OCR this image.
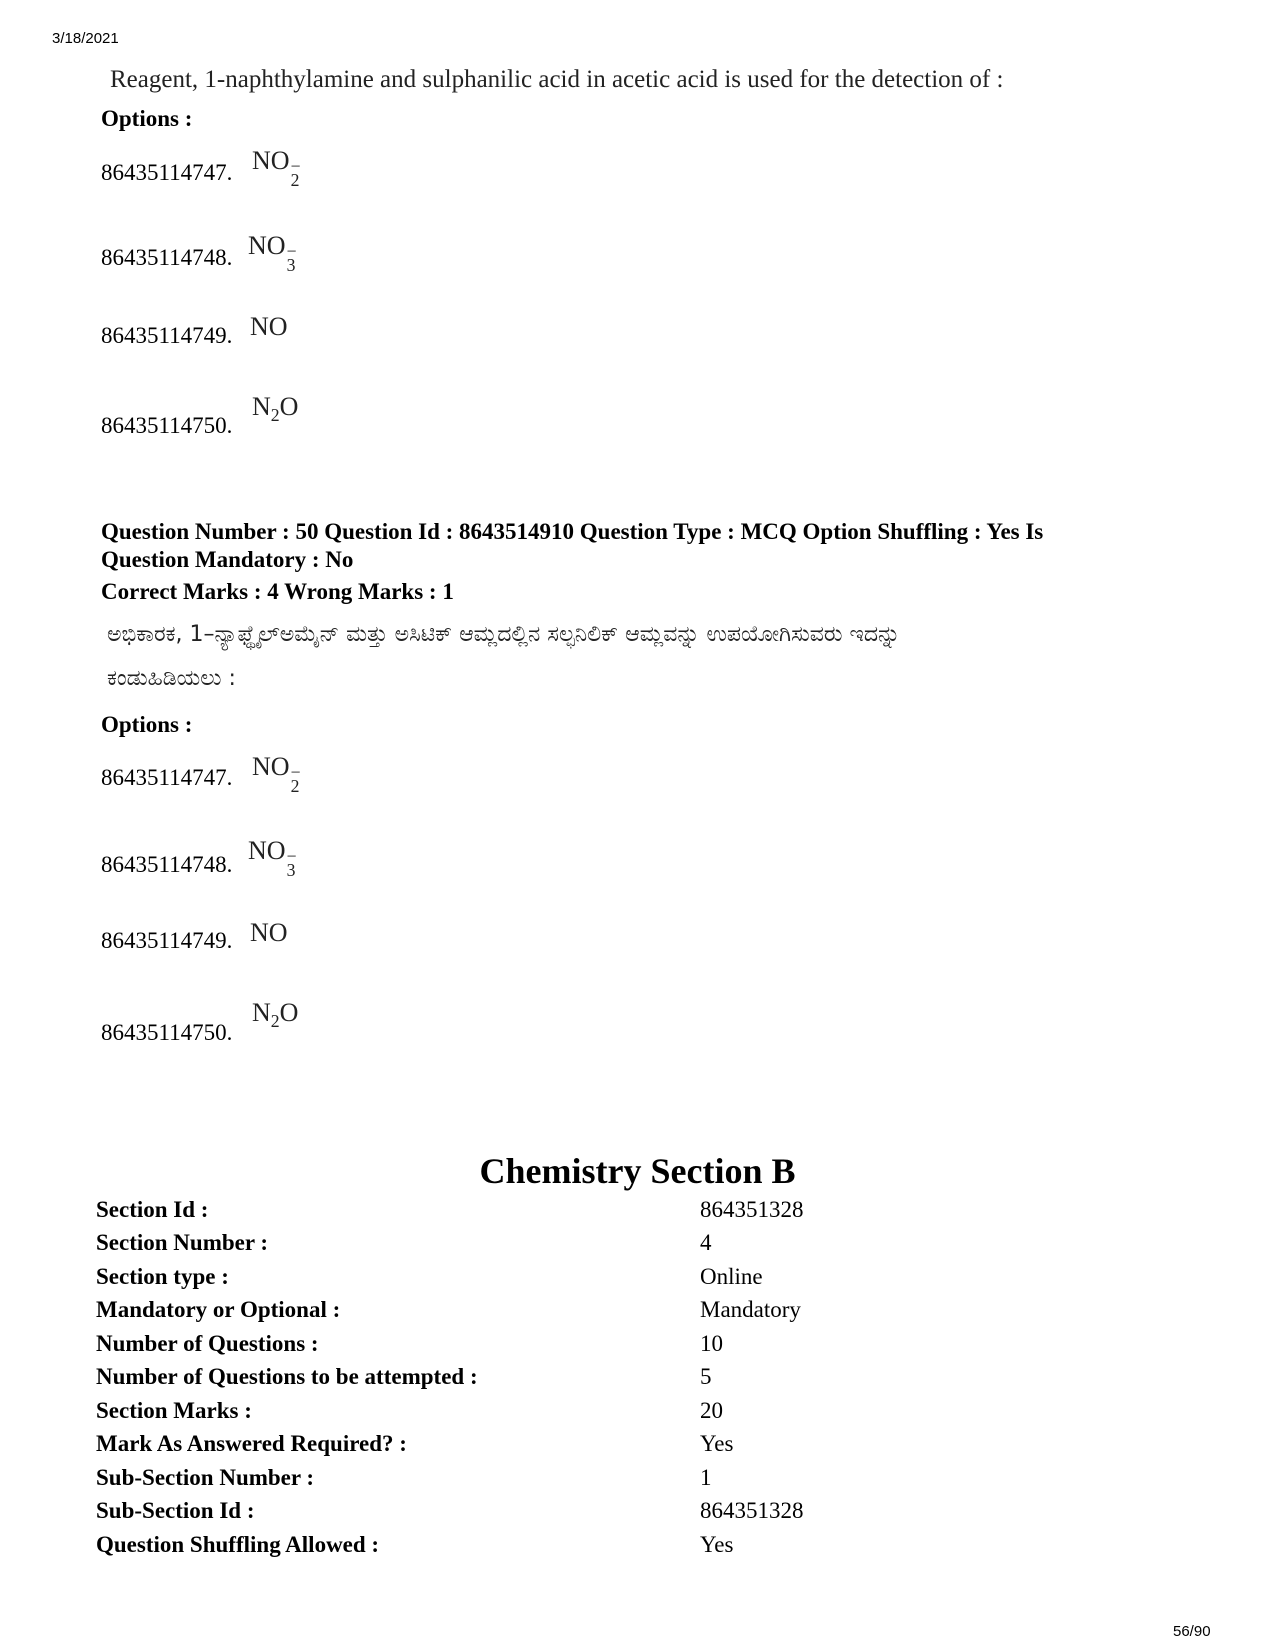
3/18/2021
Reagent, 1-naphthylamine and sulphanilic acid in acetic acid is used for the detection of :
Options :
86435114747. NO −
2
86435114748. NO −
3
86435114749. NO
86435114750.
$N_2O$
Question Number : 50 Question Id : 8643514910 Question Type : MCQ Option Shuffling : Yes Is
Question Mandatory : No
Correct Marks : 4 Wrong Marks : 1
ಅಭಿಕಾರಕ, 1–ನ್ಯಾಫ್ಥೈಲ್‌ಅಮೈನ್ ಮತ್ತು ಅಸಿಟಿಕ್ ಆಮ್ಲದಲ್ಲಿನ ಸಲ್ಫನಿಲಿಕ್ ಆಮ್ಲವನ್ನು ಉಪಯೋಗಿಸುವರು ಇದನ್ನು
ಕಂಡುಹಿಡಿಯಲು :
Options :
86435114747. NO −
2
86435114748. NO −
3
86435114749. NO
86435114750.
$N_2O$
Chemistry Section B
Section Id :	864351328
Section Number :	4
Section type :	Online
Mandatory or Optional :	Mandatory
Number of Questions :	10
Number of Questions to be attempted :	5
Section Marks :	20
Mark As Answered Required? :	Yes
Sub-Section Number :	1
Sub-Section Id :	864351328
Question Shuffling Allowed :	Yes
56/90
